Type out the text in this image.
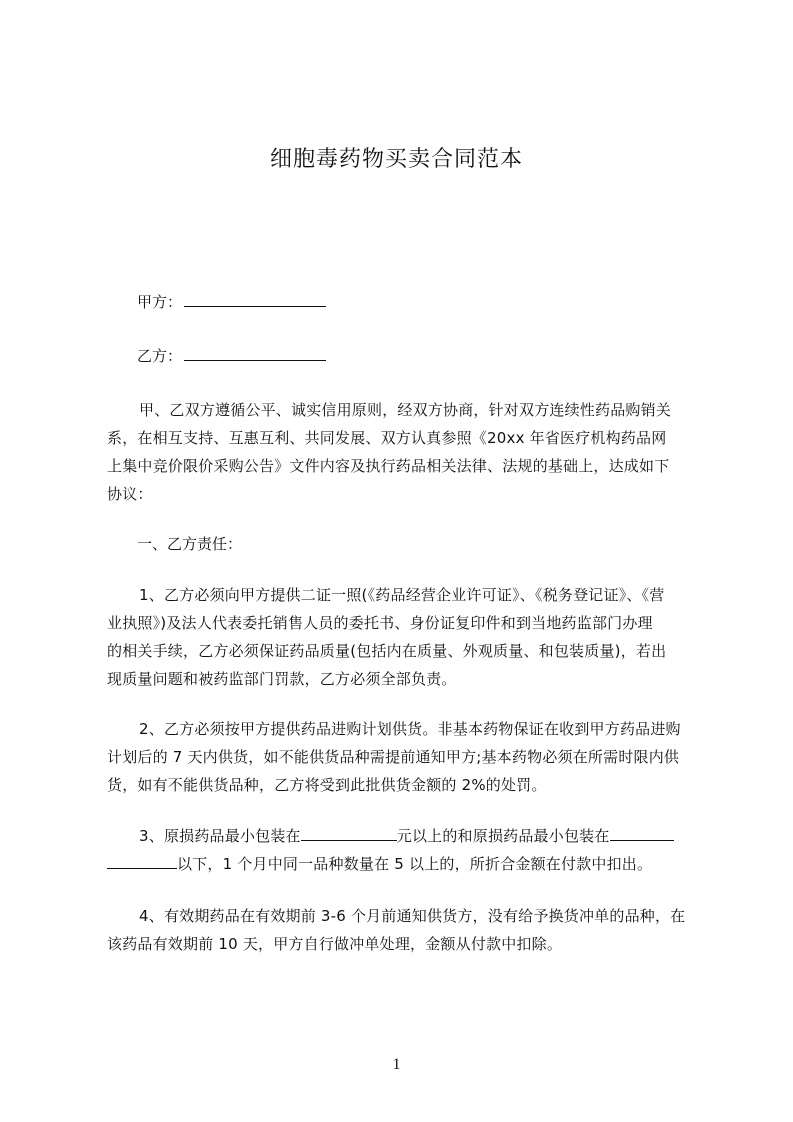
细胞毒药物买卖合同范本
甲方：
乙方：
甲、乙双方遵循公平、诚实信用原则，经双方协商，针对双方连续性药品购销关
系，在相互支持、互惠互利、共同发展、双方认真参照《20xx 年省医疗机构药品网
上集中竞价限价采购公告》文件内容及执行药品相关法律、法规的基础上，达成如下
协议：
一、乙方责任：
1、乙方必须向甲方提供二证一照(《药品经营企业许可证》、《税务登记证》、《营
业执照》)及法人代表委托销售人员的委托书、身份证复印件和到当地药监部门办理
的相关手续，乙方必须保证药品质量(包括内在质量、外观质量、和包装质量)，若出
现质量问题和被药监部门罚款，乙方必须全部负责。
2、乙方必须按甲方提供药品进购计划供货。非基本药物保证在收到甲方药品进购
计划后的 7 天内供货，如不能供货品种需提前通知甲方;基本药物必须在所需时限内供
货，如有不能供货品种，乙方将受到此批供货金额的 2%的处罚。
3、原损药品最小包装在	元以上的和原损药品最小包装在
以下，1 个月中同一品种数量在 5 以上的，所折合金额在付款中扣出。
4、有效期药品在有效期前 3-6 个月前通知供货方，没有给予换货冲单的品种，在
该药品有效期前 10 天，甲方自行做冲单处理，金额从付款中扣除。
1
